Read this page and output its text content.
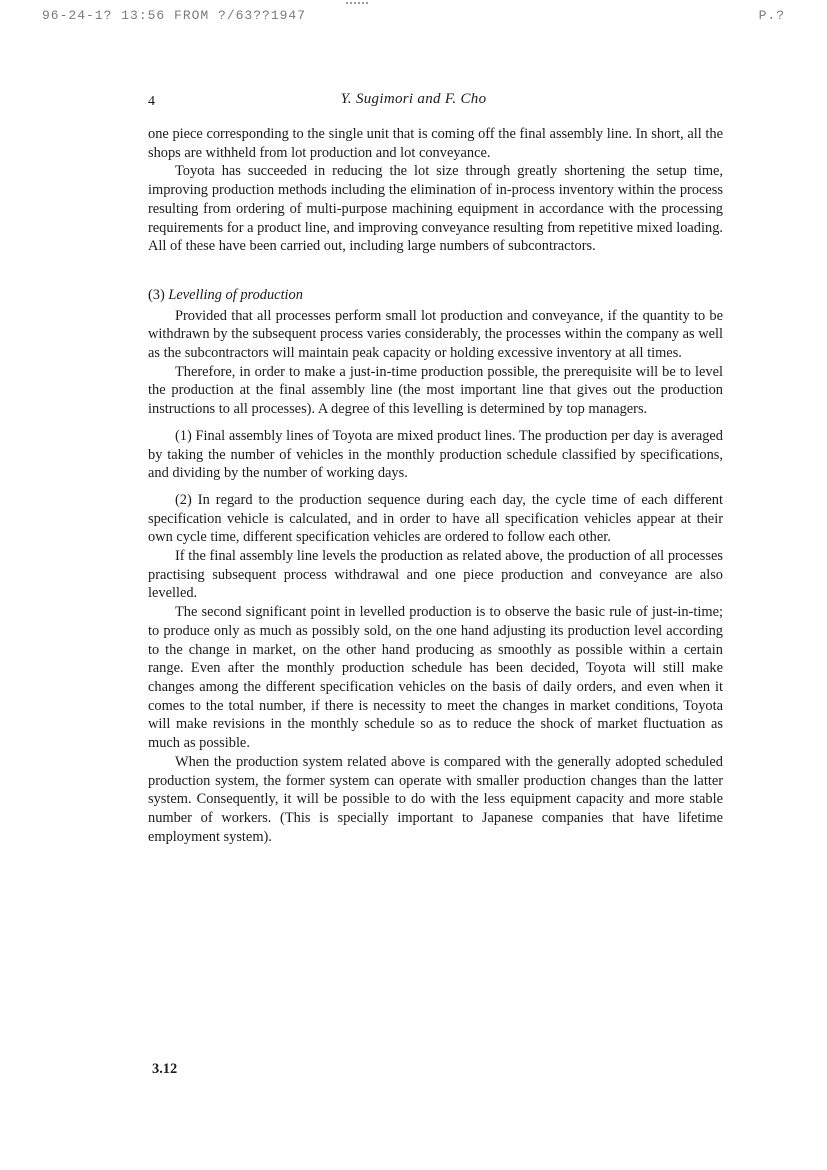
96-24-1? 13:56 FROM ?/63??1947	P.?
4	Y. Sugimori and F. Cho

one piece corresponding to the single unit that is coming off the final assembly line. In short, all the shops are withheld from lot production and lot conveyance.

Toyota has succeeded in reducing the lot size through greatly shortening the setup time, improving production methods including the elimination of in-process inventory within the process resulting from ordering of multi-purpose machining equipment in accordance with the processing requirements for a product line, and improving conveyance resulting from repetitive mixed loading. All of these have been carried out, including large numbers of subcontractors.

(3) Levelling of production

Provided that all processes perform small lot production and conveyance, if the quantity to be withdrawn by the subsequent process varies considerably, the processes within the company as well as the subcontractors will maintain peak capacity or holding excessive inventory at all times.

Therefore, in order to make a just-in-time production possible, the prerequisite will be to level the production at the final assembly line (the most important line that gives out the production instructions to all processes). A degree of this levelling is determined by top managers.

(1) Final assembly lines of Toyota are mixed product lines. The production per day is averaged by taking the number of vehicles in the monthly production schedule classified by specifications, and dividing by the number of working days.

(2) In regard to the production sequence during each day, the cycle time of each different specification vehicle is calculated, and in order to have all specification vehicles appear at their own cycle time, different specification vehicles are ordered to follow each other.

If the final assembly line levels the production as related above, the production of all processes practising subsequent process withdrawal and one piece production and conveyance are also levelled.

The second significant point in levelled production is to observe the basic rule of just-in-time; to produce only as much as possibly sold, on the one hand adjusting its production level according to the change in market, on the other hand producing as smoothly as possible within a certain range. Even after the monthly production schedule has been decided, Toyota will still make changes among the different specification vehicles on the basis of daily orders, and even when it comes to the total number, if there is necessity to meet the changes in market conditions, Toyota will make revisions in the monthly schedule so as to reduce the shock of market fluctuation as much as possible.

When the production system related above is compared with the generally adopted scheduled production system, the former system can operate with smaller production changes than the latter system. Consequently, it will be possible to do with the less equipment capacity and more stable number of workers. (This is specially important to Japanese companies that have lifetime employment system).

3.12
